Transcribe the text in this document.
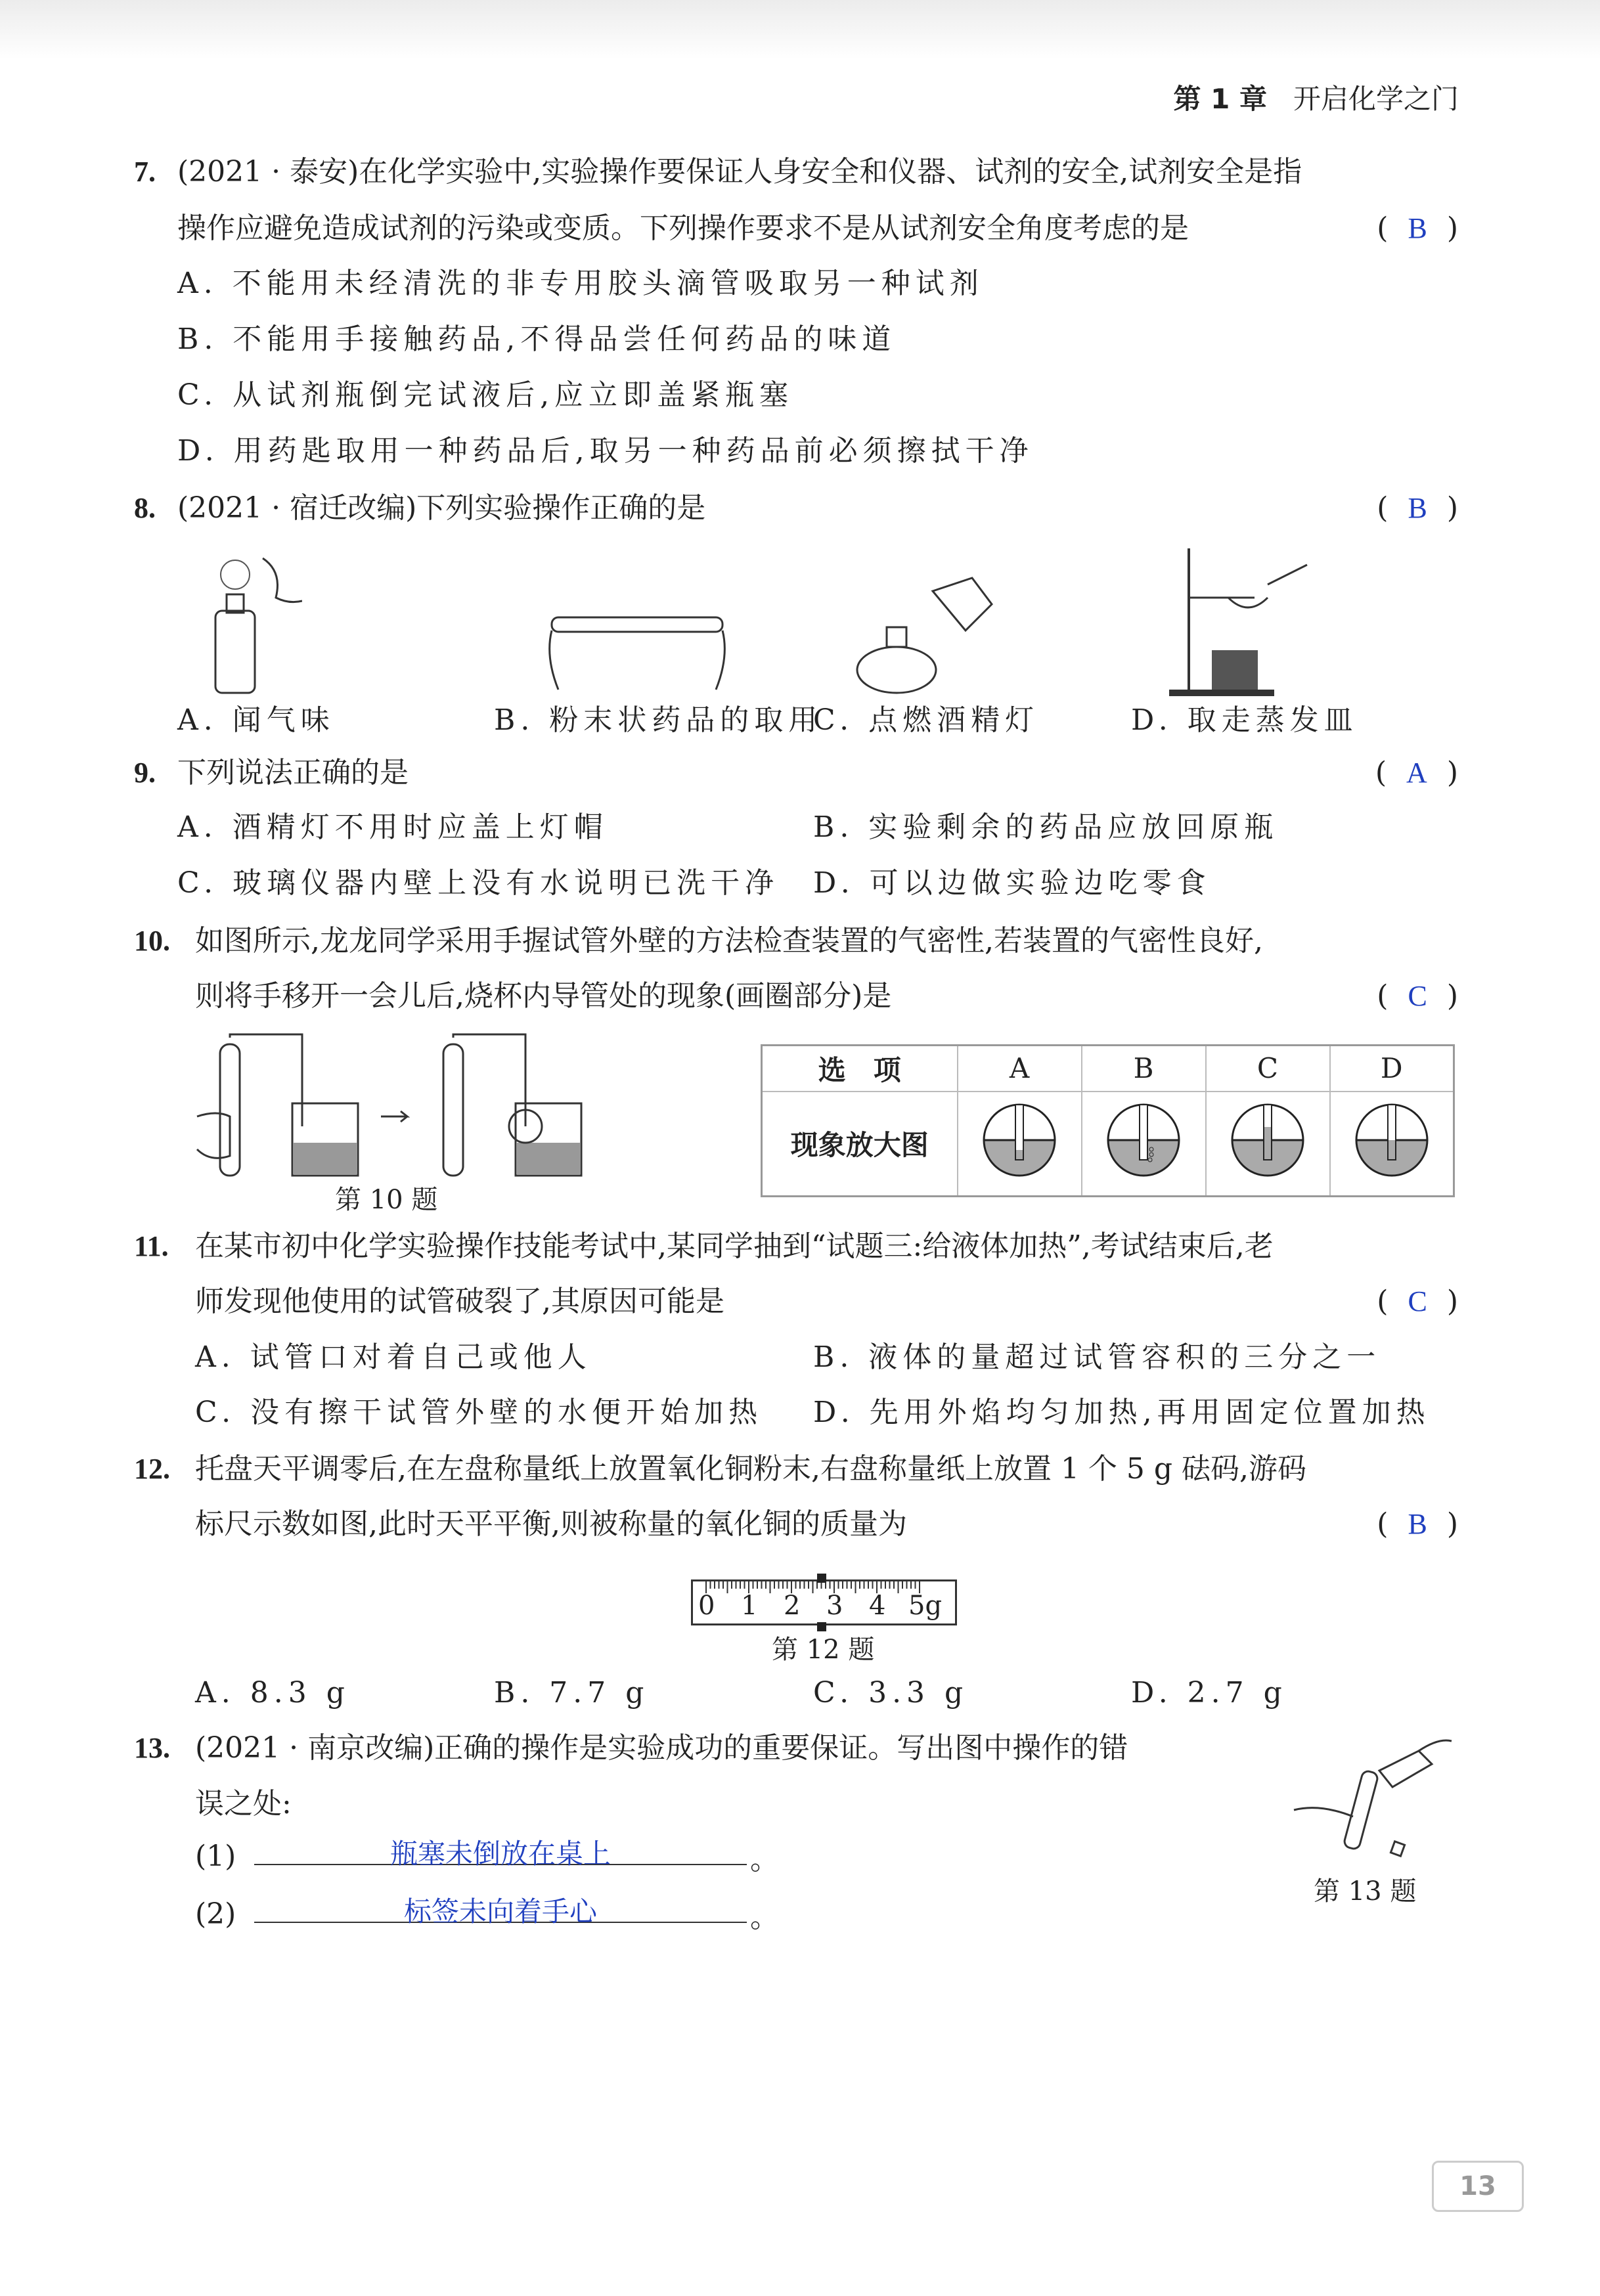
第 1 章 开启化学之门
7. (2021 · 泰安)在化学实验中,实验操作要保证人身安全和仪器、试剂的安全,试剂安全是指
操作应避免造成试剂的污染或变质。下列操作要求不是从试剂安全角度考虑的是	( B )
A. 不能用未经清洗的非专用胶头滴管吸取另一种试剂
B. 不能用手接触药品,不得品尝任何药品的味道
C. 从试剂瓶倒完试液后,应立即盖紧瓶塞
D. 用药匙取用一种药品后,取另一种药品前必须擦拭干净
8. (2021 · 宿迁改编)下列实验操作正确的是	( B )
A. 闻气味	B. 粉末状药品的取用
C. 点燃酒精灯	D. 取走蒸发皿
9. 下列说法正确的是	( A )
A. 酒精灯不用时应盖上灯帽	B. 实验剩余的药品应放回原瓶
C. 玻璃仪器内壁上没有水说明已洗干净 D. 可以边做实验边吃零食
10. 如图所示,龙龙同学采用手握试管外壁的方法检查装置的气密性,若装置的气密性良好,
则将手移开一会儿后,烧杯内导管处的现象(画圈部分)是	( C )
第 10 题
选　项	A	B	C	D
现象放大图				
11. 在某市初中化学实验操作技能考试中,某同学抽到“试题三:给液体加热”,考试结束后,老
师发现他使用的试管破裂了,其原因可能是	( C )
A. 试管口对着自己或他人	B. 液体的量超过试管容积的三分之一
C. 没有擦干试管外壁的水便开始加热 D. 先用外焰均匀加热,再用固定位置加热
12. 托盘天平调零后,在左盘称量纸上放置氧化铜粉末,右盘称量纸上放置 1 个 5 g 砝码,游码
标尺示数如图,此时天平平衡,则被称量的氧化铜的质量为	( B )
0 1 2 3 4 5g
第 12 题
A. 8.3 g	B. 7.7 g	C. 3.3 g	D. 2.7 g
13. (2021 · 南京改编)正确的操作是实验成功的重要保证。写出图中操作的错
误之处:
(1)	瓶塞未倒放在桌上	。
(2)	标签未向着手心	。
第 13 题
13
